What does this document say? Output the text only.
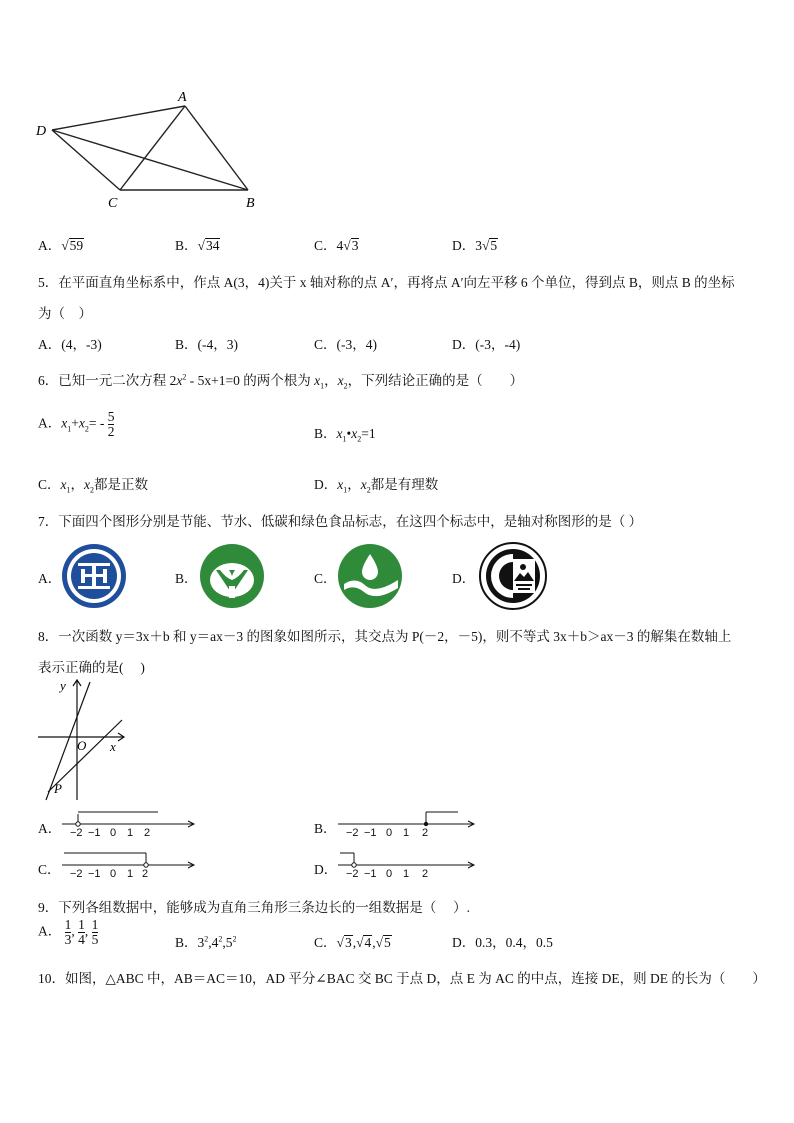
A
D
C	B
A．√59	B．√34	C．4√3	D．3√5
5．在平面直角坐标系中，作点 A(3，4)关于 x 轴对称的点 A′，再将点 A′向左平移 6 个单位，得到点 B，则点 B 的坐标
为（　）
A．(4，-3)	B．(-4，3)	C．(-3，4)	D．(-3，-4)
6．已知一元二次方程 $2x^2 - 5x+1=0$ 的两个根为 $x_1$，$x_2$，下列结论正确的是（　　）
A．$x_1+x_2= - \frac{5}{2}$	B．$x_1•x_2=1$
C．$x_1$，$x_2$都是正数	D．$x_1$，$x_2$都是有理数
7．下面四个图形分别是节能、节水、低碳和绿色食品标志，在这四个标志中，是轴对称图形的是（ ）
A．	B．	C．	D．
8．一次函数 y＝3x＋b 和 y＝ax－3 的图象如图所示，其交点为 P(－2，－5)，则不等式 3x＋b＞ax－3 的解集在数轴上
表示正确的是(　 )
y
x
O
P
A． −2 −1 0 1 2	B． −2 −1 0 1 2
C． −2 −1 0 1 2	D． −2 −1 0 1 2
9．下列各组数据中，能够成为直角三角形三条边长的一组数据是（　 ）.
A． $\frac{1}{3}$ , $\frac{1}{4}$ , $\frac{1}{5}$	B．$3^2,4^2,5^2$	C．√3,√4,√5	D．0.3，0.4，0.5
10．如图，△ABC 中，AB＝AC＝10，AD 平分∠BAC 交 BC 于点 D，点 E 为 AC 的中点，连接 DE，则 DE 的长为（　　）
